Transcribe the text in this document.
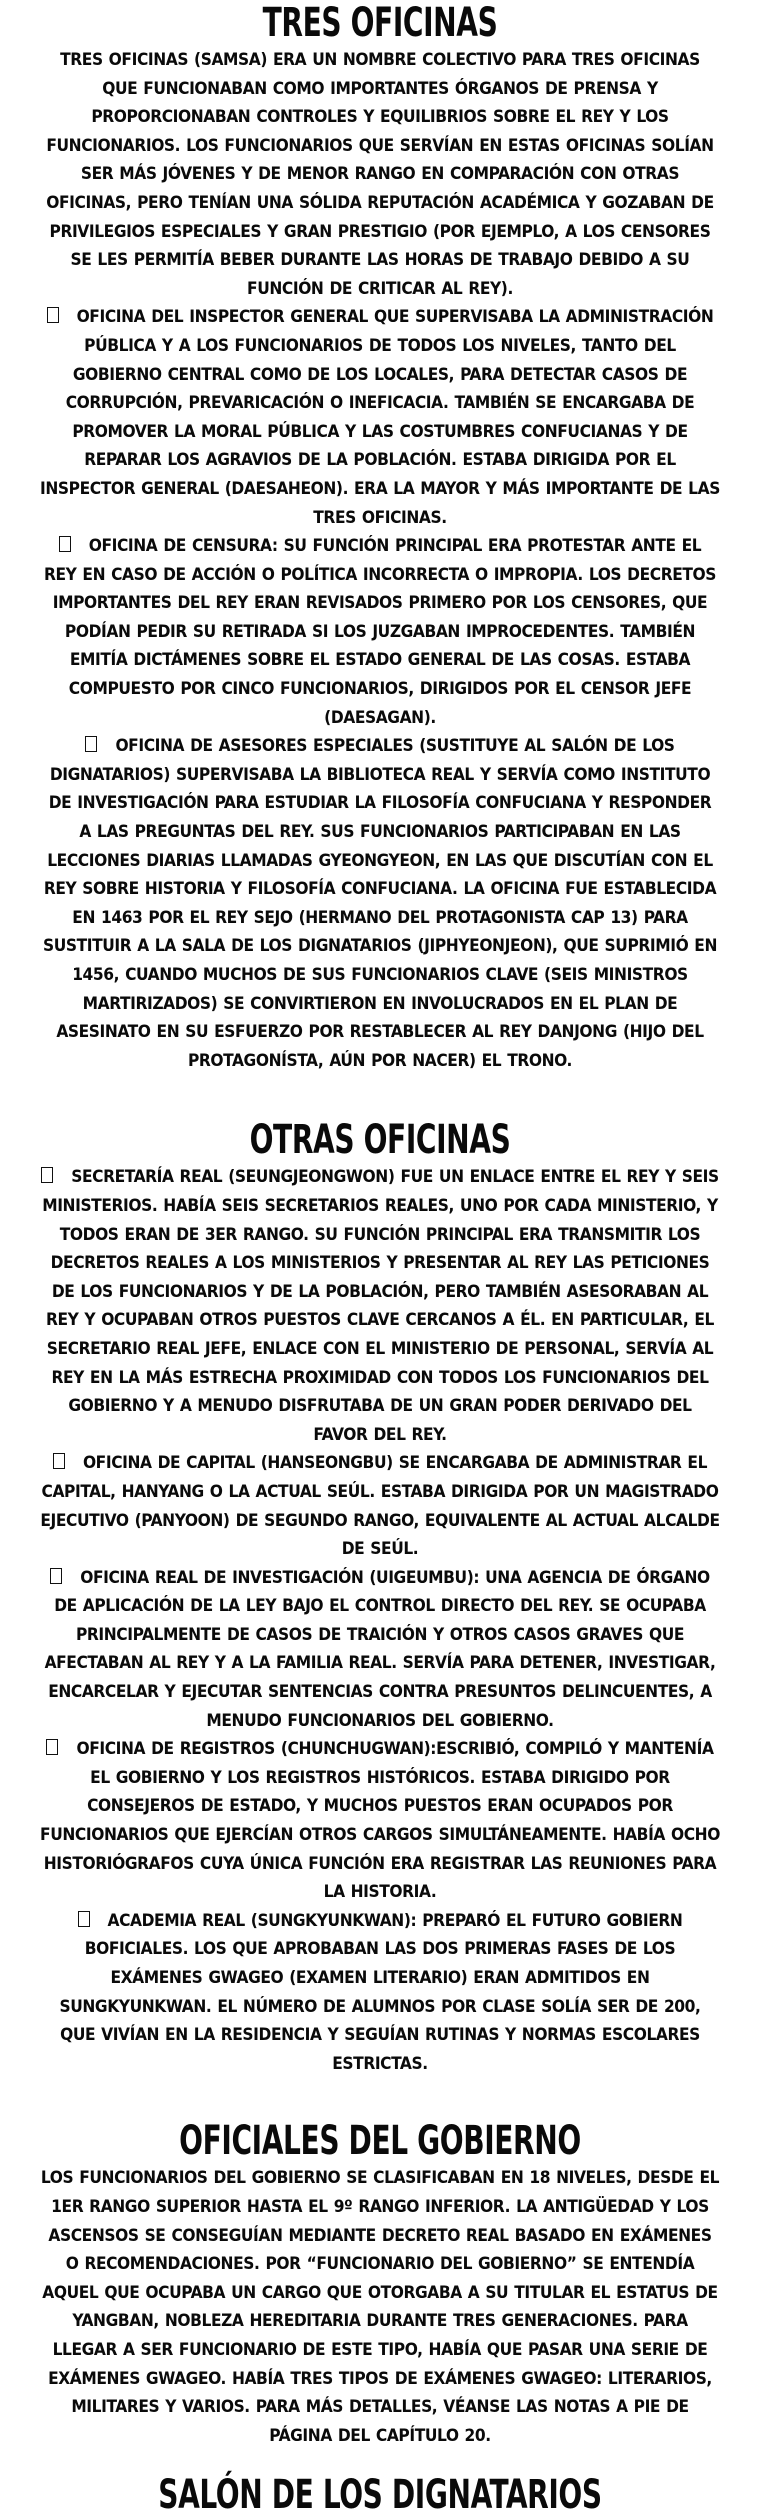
TRES OFICINAS

TRES OFICINAS (SAMSA) ERA UN NOMBRE COLECTIVO PARA TRES OFICINAS QUE FUNCIONABAN COMO IMPORTANTES ÓRGANOS DE PRENSA Y PROPORCIONABAN CONTROLES Y EQUILIBRIOS SOBRE EL REY Y LOS FUNCIONARIOS. LOS FUNCIONARIOS QUE SERVÍAN EN ESTAS OFICINAS SOLÍAN SER MÁS JÓVENES Y DE MENOR RANGO EN COMPARACIÓN CON OTRAS OFICINAS, PERO TENÍAN UNA SÓLIDA REPUTACIÓN ACADÉMICA Y GOZABAN DE PRIVILEGIOS ESPECIALES Y GRAN PRESTIGIO (POR EJEMPLO, A LOS CENSORES SE LES PERMITÍA BEBER DURANTE LAS HORAS DE TRABAJO DEBIDO A SU FUNCIÓN DE CRITICAR AL REY).

OFICINA DEL INSPECTOR GENERAL QUE SUPERVISABA LA ADMINISTRACIÓN PÚBLICA Y A LOS FUNCIONARIOS DE TODOS LOS NIVELES, TANTO DEL GOBIERNO CENTRAL COMO DE LOS LOCALES, PARA DETECTAR CASOS DE CORRUPCIÓN, PREVARICACIÓN O INEFICACIA. TAMBIÉN SE ENCARGABA DE PROMOVER LA MORAL PÚBLICA Y LAS COSTUMBRES CONFUCIANAS Y DE REPARAR LOS AGRAVIOS DE LA POBLACIÓN. ESTABA DIRIGIDA POR EL INSPECTOR GENERAL (DAESAHEON). ERA LA MAYOR Y MÁS IMPORTANTE DE LAS TRES OFICINAS.

OFICINA DE CENSURA: SU FUNCIÓN PRINCIPAL ERA PROTESTAR ANTE EL REY EN CASO DE ACCIÓN O POLÍTICA INCORRECTA O IMPROPIA. LOS DECRETOS IMPORTANTES DEL REY ERAN REVISADOS PRIMERO POR LOS CENSORES, QUE PODÍAN PEDIR SU RETIRADA SI LOS JUZGABAN IMPROCEDENTES. TAMBIÉN EMITÍA DICTÁMENES SOBRE EL ESTADO GENERAL DE LAS COSAS. ESTABA COMPUESTO POR CINCO FUNCIONARIOS, DIRIGIDOS POR EL CENSOR JEFE (DAESAGAN).

OFICINA DE ASESORES ESPECIALES (SUSTITUYE AL SALÓN DE LOS DIGNATARIOS) SUPERVISABA LA BIBLIOTECA REAL Y SERVÍA COMO INSTITUTO DE INVESTIGACIÓN PARA ESTUDIAR LA FILOSOFÍA CONFUCIANA Y RESPONDER A LAS PREGUNTAS DEL REY. SUS FUNCIONARIOS PARTICIPABAN EN LAS LECCIONES DIARIAS LLAMADAS GYEONGYEON, EN LAS QUE DISCUTÍAN CON EL REY SOBRE HISTORIA Y FILOSOFÍA CONFUCIANA. LA OFICINA FUE ESTABLECIDA EN 1463 POR EL REY SEJO (HERMANO DEL PROTAGONISTA CAP 13) PARA SUSTITUIR A LA SALA DE LOS DIGNATARIOS (JIPHYEONJEON), QUE SUPRIMIÓ EN 1456, CUANDO MUCHOS DE SUS FUNCIONARIOS CLAVE (SEIS MINISTROS MARTIRIZADOS) SE CONVIRTIERON EN INVOLUCRADOS EN EL PLAN DE ASESINATO EN SU ESFUERZO POR RESTABLECER AL REY DANJONG (HIJO DEL PROTAGONÍSTA, AÚN POR NACER) EL TRONO.

OTRAS OFICINAS

SECRETARÍA REAL (SEUNGJEONGWON) FUE UN ENLACE ENTRE EL REY Y SEIS MINISTERIOS. HABÍA SEIS SECRETARIOS REALES, UNO POR CADA MINISTERIO, Y TODOS ERAN DE 3ER RANGO. SU FUNCIÓN PRINCIPAL ERA TRANSMITIR LOS DECRETOS REALES A LOS MINISTERIOS Y PRESENTAR AL REY LAS PETICIONES DE LOS FUNCIONARIOS Y DE LA POBLACIÓN, PERO TAMBIÉN ASESORABAN AL REY Y OCUPABAN OTROS PUESTOS CLAVE CERCANOS A ÉL. EN PARTICULAR, EL SECRETARIO REAL JEFE, ENLACE CON EL MINISTERIO DE PERSONAL, SERVÍA AL REY EN LA MÁS ESTRECHA PROXIMIDAD CON TODOS LOS FUNCIONARIOS DEL GOBIERNO Y A MENUDO DISFRUTABA DE UN GRAN PODER DERIVADO DEL FAVOR DEL REY.

OFICINA DE CAPITAL (HANSEONGBU) SE ENCARGABA DE ADMINISTRAR EL CAPITAL, HANYANG O LA ACTUAL SEÚL. ESTABA DIRIGIDA POR UN MAGISTRADO EJECUTIVO (PANYOON) DE SEGUNDO RANGO, EQUIVALENTE AL ACTUAL ALCALDE DE SEÚL.

OFICINA REAL DE INVESTIGACIÓN (UIGEUMBU): UNA AGENCIA DE ÓRGANO DE APLICACIÓN DE LA LEY BAJO EL CONTROL DIRECTO DEL REY. SE OCUPABA PRINCIPALMENTE DE CASOS DE TRAICIÓN Y OTROS CASOS GRAVES QUE AFECTABAN AL REY Y A LA FAMILIA REAL. SERVÍA PARA DETENER, INVESTIGAR, ENCARCELAR Y EJECUTAR SENTENCIAS CONTRA PRESUNTOS DELINCUENTES, A MENUDO FUNCIONARIOS DEL GOBIERNO.

OFICINA DE REGISTROS (CHUNCHUGWAN):ESCRIBIÓ, COMPILÓ Y MANTENÍA EL GOBIERNO Y LOS REGISTROS HISTÓRICOS. ESTABA DIRIGIDO POR CONSEJEROS DE ESTADO, Y MUCHOS PUESTOS ERAN OCUPADOS POR FUNCIONARIOS QUE EJERCÍAN OTROS CARGOS SIMULTÁNEAMENTE. HABÍA OCHO HISTORIÓGRAFOS CUYA ÚNICA FUNCIÓN ERA REGISTRAR LAS REUNIONES PARA LA HISTORIA.

ACADEMIA REAL (SUNGKYUNKWAN): PREPARÓ EL FUTURO GOBIERN BOFICIALES. LOS QUE APROBABAN LAS DOS PRIMERAS FASES DE LOS EXÁMENES GWAGEO (EXAMEN LITERARIO) ERAN ADMITIDOS EN SUNGKYUNKWAN. EL NÚMERO DE ALUMNOS POR CLASE SOLÍA SER DE 200, QUE VIVÍAN EN LA RESIDENCIA Y SEGUÍAN RUTINAS Y NORMAS ESCOLARES ESTRICTAS.

OFICIALES DEL GOBIERNO

LOS FUNCIONARIOS DEL GOBIERNO SE CLASIFICABAN EN 18 NIVELES, DESDE EL 1ER RANGO SUPERIOR HASTA EL 9º RANGO INFERIOR. LA ANTIGÜEDAD Y LOS ASCENSOS SE CONSEGUÍAN MEDIANTE DECRETO REAL BASADO EN EXÁMENES O RECOMENDACIONES. POR “FUNCIONARIO DEL GOBIERNO” SE ENTENDÍA AQUEL QUE OCUPABA UN CARGO QUE OTORGABA A SU TITULAR EL ESTATUS DE YANGBAN, NOBLEZA HEREDITARIA DURANTE TRES GENERACIONES. PARA LLEGAR A SER FUNCIONARIO DE ESTE TIPO, HABÍA QUE PASAR UNA SERIE DE EXÁMENES GWAGEO. HABÍA TRES TIPOS DE EXÁMENES GWAGEO: LITERARIOS, MILITARES Y VARIOS. PARA MÁS DETALLES, VÉANSE LAS NOTAS A PIE DE PÁGINA DEL CAPÍTULO 20.

SALÓN DE LOS DIGNATARIOS
